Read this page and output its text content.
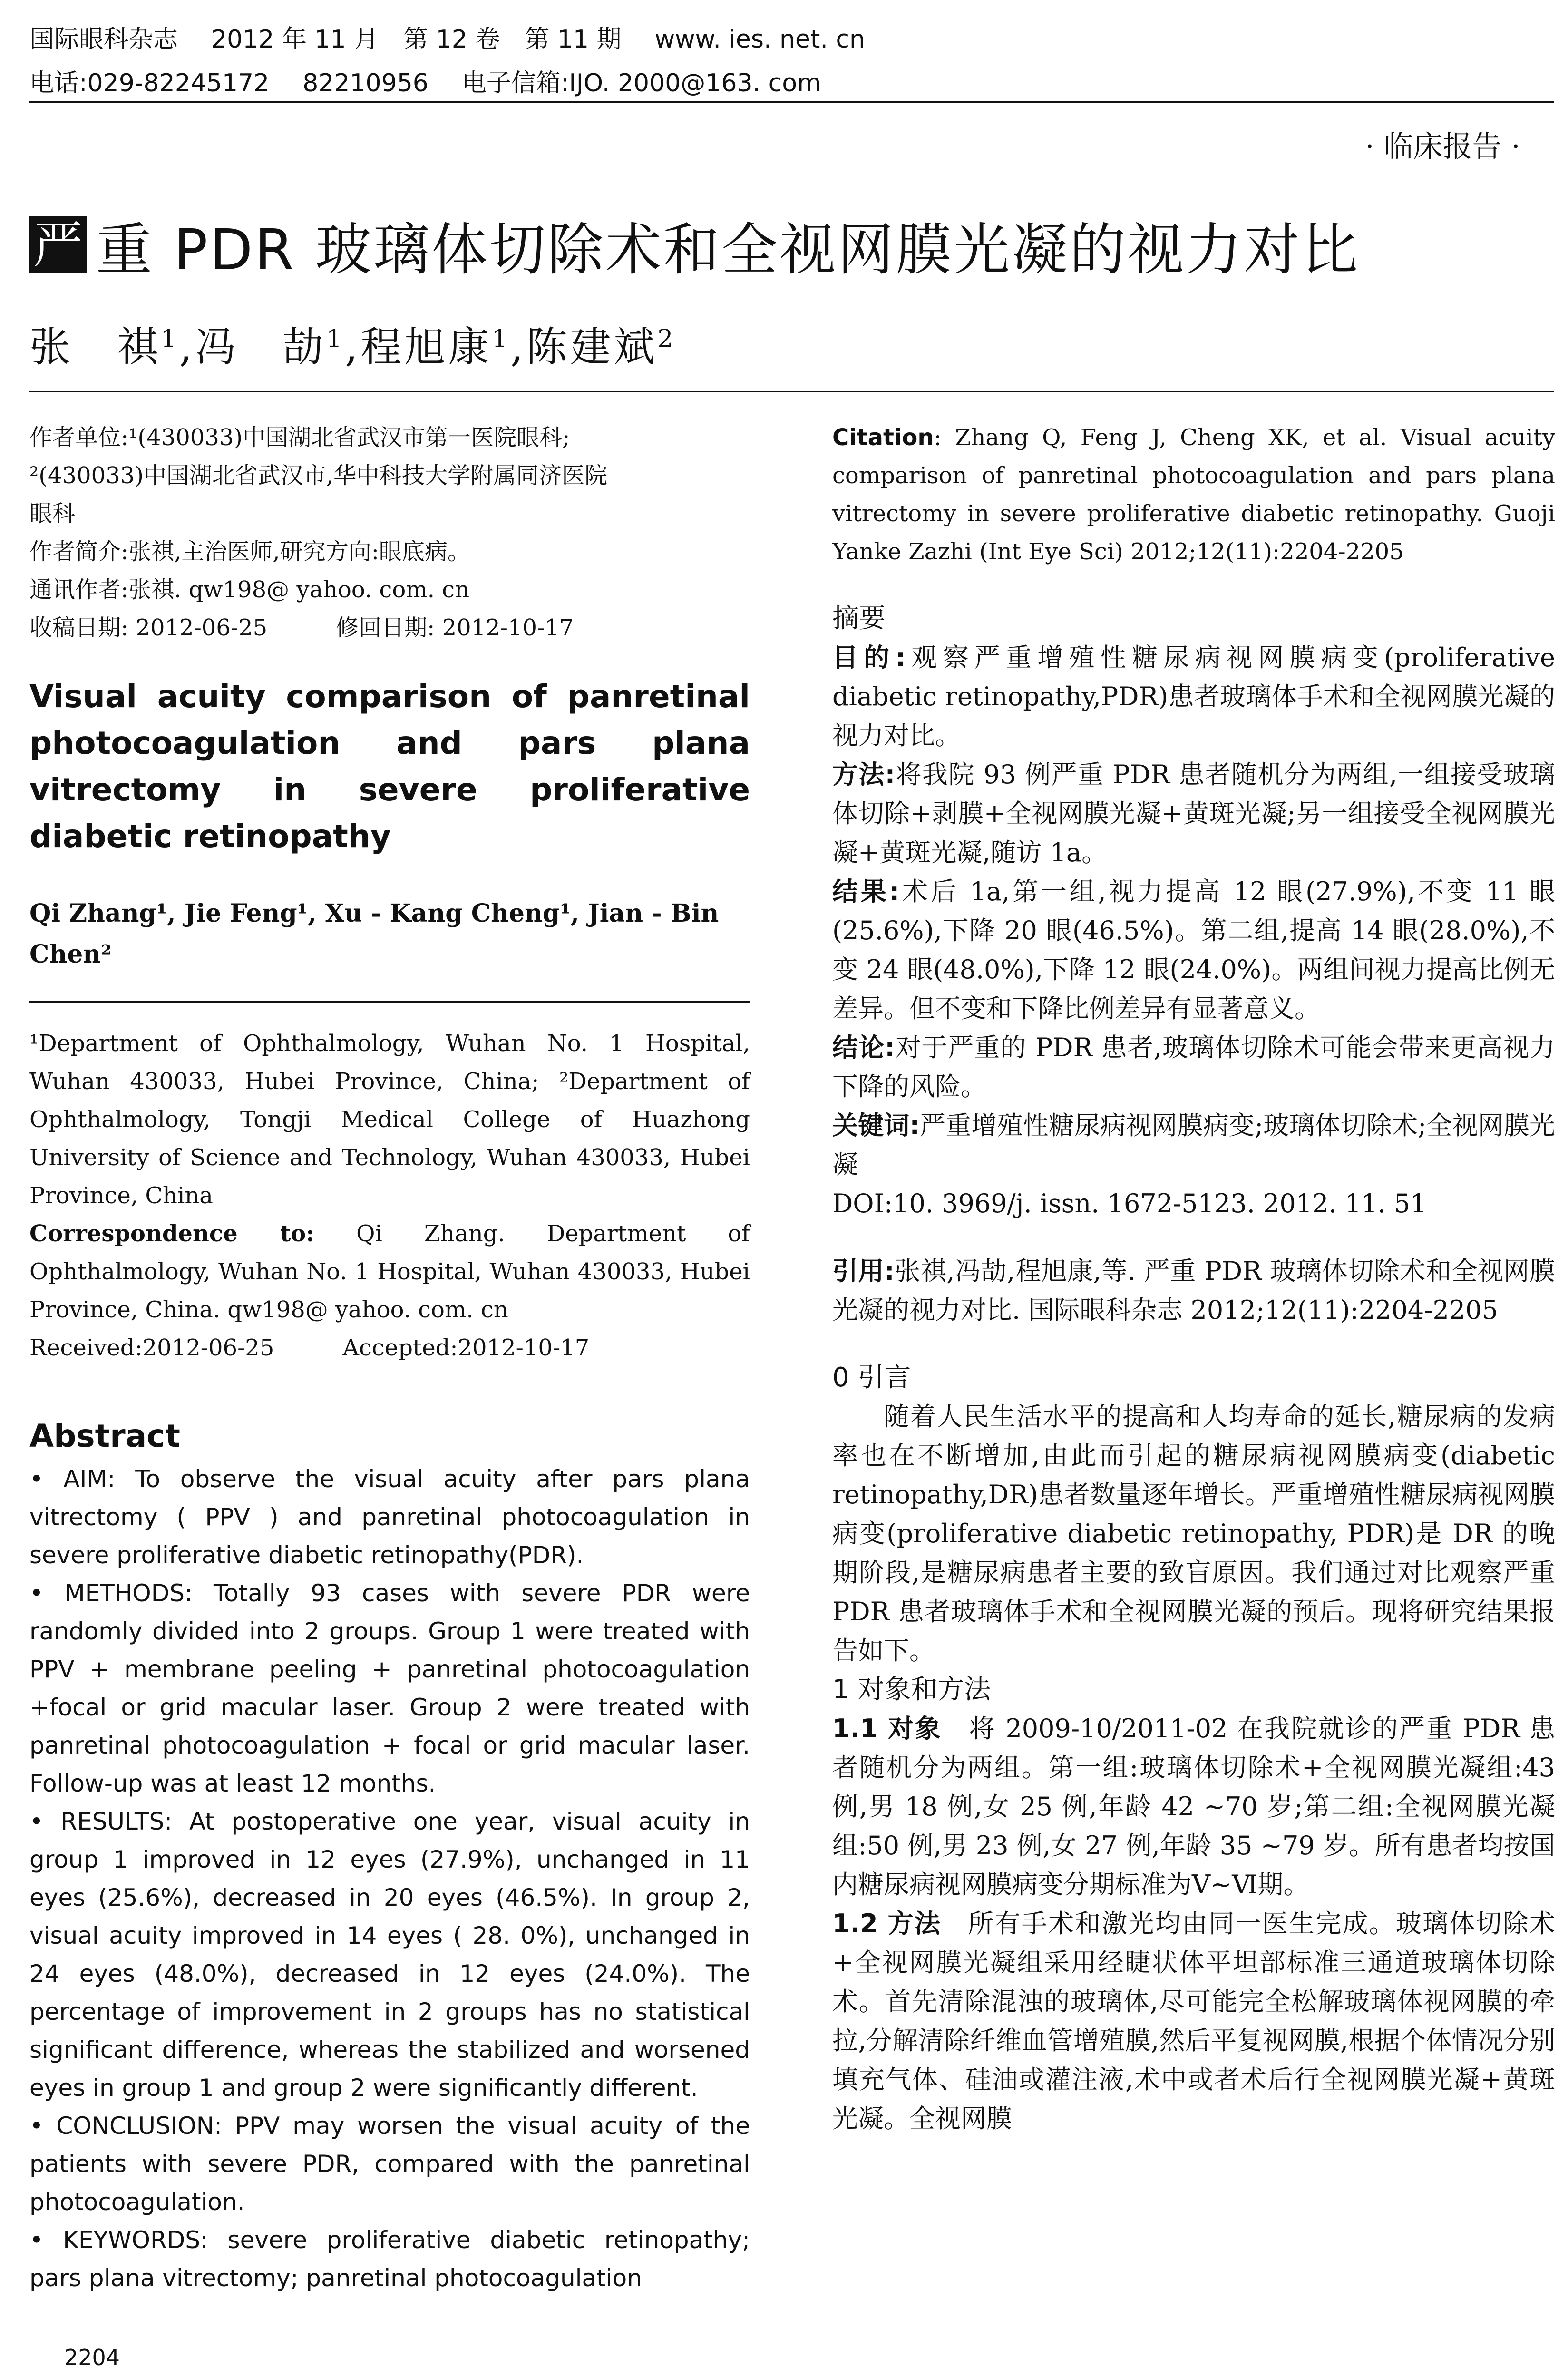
国际眼科杂志 2012 年 11 月　第 12 卷　第 11 期 www. ies. net. cn
电话:029-82245172 82210956 电子信箱:IJO. 2000@163. com
· 临床报告 ·
严 重 PDR 玻璃体切除术和全视网膜光凝的视力对比
张　祺$^1$,冯　劼$^1$,程旭康$^1$,陈建斌$^2$

作者单位:¹(430033)中国湖北省武汉市第一医院眼科;

²(430033)中国湖北省武汉市,华中科技大学附属同济医院

眼科

作者简介:张祺,主治医师,研究方向:眼底病。

通讯作者:张祺. qw198@ yahoo. com. cn

收稿日期: 2012-06-25　　　修回日期: 2012-10-17

Visual acuity comparison of panretinal photocoagulation and pars plana vitrectomy in severe proliferative diabetic retinopathy

Qi Zhang¹, Jie Feng¹, Xu - Kang Cheng¹, Jian - Bin Chen²

¹Department of Ophthalmology, Wuhan No. 1 Hospital, Wuhan 430033, Hubei Province, China; ²Department of Ophthalmology, Tongji Medical College of Huazhong University of Science and Technology, Wuhan 430033, Hubei Province, China

Correspondence to: Qi Zhang. Department of Ophthalmology, Wuhan No. 1 Hospital, Wuhan 430033, Hubei Province, China. qw198@ yahoo. com. cn

Received:2012-06-25　　　Accepted:2012-10-17

Abstract

• AIM: To observe the visual acuity after pars plana vitrectomy ( PPV ) and panretinal photocoagulation in severe proliferative diabetic retinopathy(PDR).

• METHODS: Totally 93 cases with severe PDR were randomly divided into 2 groups. Group 1 were treated with PPV + membrane peeling + panretinal photocoagulation +focal or grid macular laser. Group 2 were treated with panretinal photocoagulation + focal or grid macular laser. Follow-up was at least 12 months.

• RESULTS: At postoperative one year, visual acuity in group 1 improved in 12 eyes (27.9%), unchanged in 11 eyes (25.6%), decreased in 20 eyes (46.5%). In group 2, visual acuity improved in 14 eyes ( 28. 0%), unchanged in 24 eyes (48.0%), decreased in 12 eyes (24.0%). The percentage of improvement in 2 groups has no statistical significant difference, whereas the stabilized and worsened eyes in group 1 and group 2 were significantly different.

• CONCLUSION: PPV may worsen the visual acuity of the patients with severe PDR, compared with the panretinal photocoagulation.

• KEYWORDS: severe proliferative diabetic retinopathy; pars plana vitrectomy; panretinal photocoagulation

Citation: Zhang Q, Feng J, Cheng XK, et al. Visual acuity comparison of panretinal photocoagulation and pars plana vitrectomy in severe proliferative diabetic retinopathy. Guoji Yanke Zazhi (Int Eye Sci) 2012;12(11):2204-2205

摘要

目的:观察严重增殖性糖尿病视网膜病变(proliferative diabetic retinopathy,PDR)患者玻璃体手术和全视网膜光凝的视力对比。

方法:将我院 93 例严重 PDR 患者随机分为两组,一组接受玻璃体切除+剥膜+全视网膜光凝+黄斑光凝;另一组接受全视网膜光凝+黄斑光凝,随访 1a。

结果:术后 1a,第一组,视力提高 12 眼(27.9%),不变 11 眼(25.6%),下降 20 眼(46.5%)。第二组,提高 14 眼(28.0%),不变 24 眼(48.0%),下降 12 眼(24.0%)。两组间视力提高比例无差异。但不变和下降比例差异有显著意义。

结论:对于严重的 PDR 患者,玻璃体切除术可能会带来更高视力下降的风险。

关键词:严重增殖性糖尿病视网膜病变;玻璃体切除术;全视网膜光凝

DOI:10. 3969/j. issn. 1672-5123. 2012. 11. 51

引用:张祺,冯劼,程旭康,等. 严重 PDR 玻璃体切除术和全视网膜光凝的视力对比. 国际眼科杂志 2012;12(11):2204-2205

0 引言

随着人民生活水平的提高和人均寿命的延长,糖尿病的发病率也在不断增加,由此而引起的糖尿病视网膜病变(diabetic retinopathy,DR)患者数量逐年增长。严重增殖性糖尿病视网膜病变(proliferative diabetic retinopathy, PDR)是 DR 的晚期阶段,是糖尿病患者主要的致盲原因。我们通过对比观察严重 PDR 患者玻璃体手术和全视网膜光凝的预后。现将研究结果报告如下。

1 对象和方法

1.1 对象　将 2009-10/2011-02 在我院就诊的严重 PDR 患者随机分为两组。第一组:玻璃体切除术+全视网膜光凝组:43 例,男 18 例,女 25 例,年龄 42 ~70 岁;第二组:全视网膜光凝组:50 例,男 23 例,女 27 例,年龄 35 ~79 岁。所有患者均按国内糖尿病视网膜病变分期标准为Ⅴ~Ⅵ期。

1.2 方法　所有手术和激光均由同一医生完成。玻璃体切除术+全视网膜光凝组采用经睫状体平坦部标准三通道玻璃体切除术。首先清除混浊的玻璃体,尽可能完全松解玻璃体视网膜的牵拉,分解清除纤维血管增殖膜,然后平复视网膜,根据个体情况分别填充气体、硅油或灌注液,术中或者术后行全视网膜光凝+黄斑光凝。全视网膜

2204
